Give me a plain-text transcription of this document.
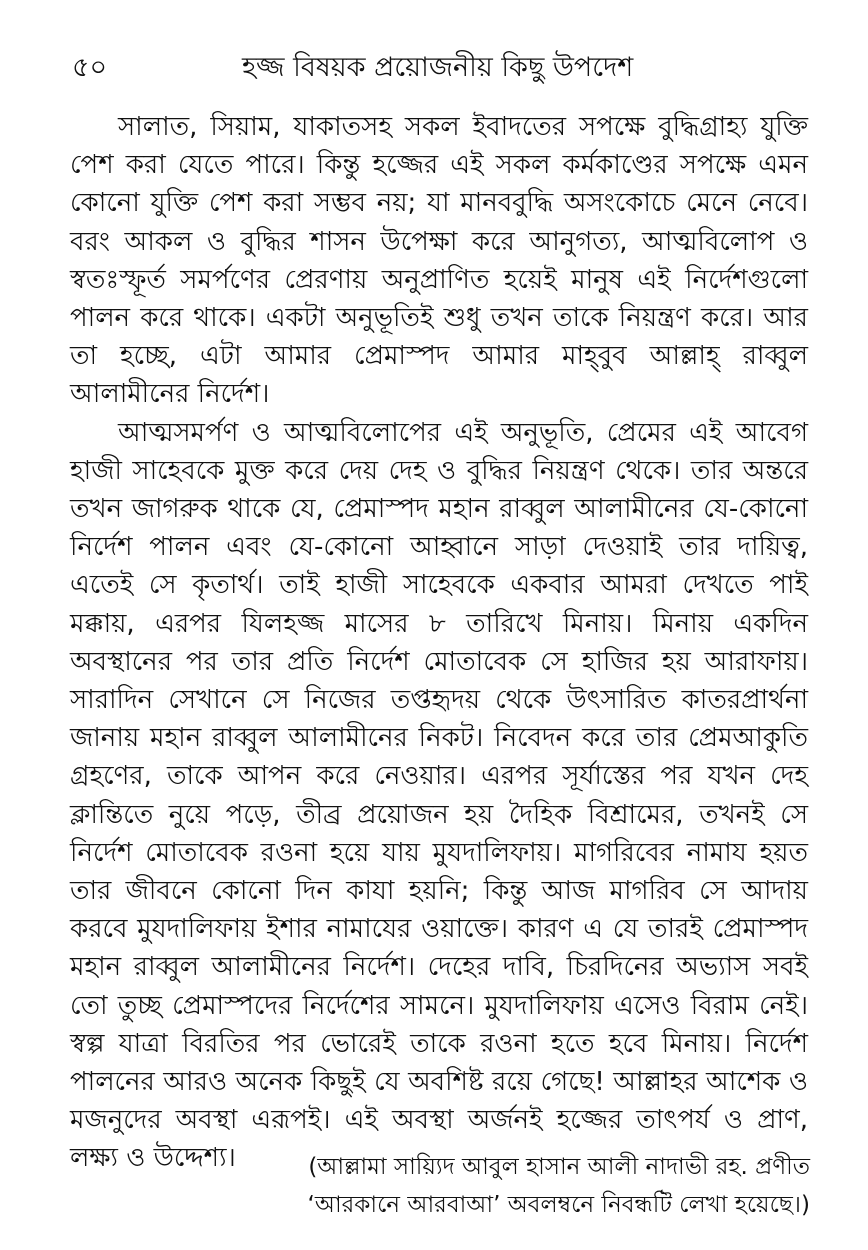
৫০	হজ্জ বিষয়ক প্রয়োজনীয় কিছু উপদেশ

সালাত, সিয়াম, যাকাতসহ সকল ইবাদতের সপক্ষে বুদ্ধিগ্রাহ্য যুক্তি পেশ করা যেতে পারে। কিন্তু হজ্জের এই সকল কর্মকাণ্ডের সপক্ষে এমন কোনো যুক্তি পেশ করা সম্ভব নয়; যা মানববুদ্ধি অসংকোচে মেনে নেবে। বরং আকল ও বুদ্ধির শাসন উপেক্ষা করে আনুগত্য, আত্মবিলোপ ও স্বতঃস্ফূর্ত সমর্পণের প্রেরণায় অনুপ্রাণিত হয়েই মানুষ এই নির্দেশগুলো পালন করে থাকে। একটা অনুভূতিই শুধু তখন তাকে নিয়ন্ত্রণ করে। আর তা হচ্ছে, এটা আমার প্রেমাস্পদ আমার মাহ্‌বুব আল্লাহ্‌ রাব্বুল আলামীনের নির্দেশ।

আত্মসমর্পণ ও আত্মবিলোপের এই অনুভূতি, প্রেমের এই আবেগ হাজী সাহেবকে মুক্ত করে দেয় দেহ ও বুদ্ধির নিয়ন্ত্রণ থেকে। তার অন্তরে তখন জাগরুক থাকে যে, প্রেমাস্পদ মহান রাব্বুল আলামীনের যে-কোনো নির্দেশ পালন এবং যে-কোনো আহ্বানে সাড়া দেওয়াই তার দায়িত্ব, এতেই সে কৃতার্থ। তাই হাজী সাহেবকে একবার আমরা দেখতে পাই মক্কায়, এরপর যিলহজ্জ মাসের ৮ তারিখে মিনায়। মিনায় একদিন অবস্থানের পর তার প্রতি নির্দেশ মোতাবেক সে হাজির হয় আরাফায়। সারাদিন সেখানে সে নিজের তপ্তহৃদয় থেকে উৎসারিত কাতরপ্রার্থনা জানায় মহান রাব্বুল আলামীনের নিকট। নিবেদন করে তার প্রেমআকুতি গ্রহণের, তাকে আপন করে নেওয়ার। এরপর সূর্যাস্তের পর যখন দেহ ক্লান্তিতে নুয়ে পড়ে, তীব্র প্রয়োজন হয় দৈহিক বিশ্রামের, তখনই সে নির্দেশ মোতাবেক রওনা হয়ে যায় মুযদালিফায়। মাগরিবের নামায হয়ত তার জীবনে কোনো দিন কাযা হয়নি; কিন্তু আজ মাগরিব সে আদায় করবে মুযদালিফায় ইশার নামাযের ওয়াক্তে। কারণ এ যে তারই প্রেমাস্পদ মহান রাব্বুল আলামীনের নির্দেশ। দেহের দাবি, চিরদিনের অভ্যাস সবই তো তুচ্ছ প্রেমাস্পদের নির্দেশের সামনে। মুযদালিফায় এসেও বিরাম নেই। স্বল্প যাত্রা বিরতির পর ভোরেই তাকে রওনা হতে হবে মিনায়। নির্দেশ পালনের আরও অনেক কিছুই যে অবশিষ্ট রয়ে গেছে! আল্লাহর আশেক ও মজনুদের অবস্থা এরূপই। এই অবস্থা অর্জনই হজ্জের তাৎপর্য ও প্রাণ, লক্ষ্য ও উদ্দেশ্য।	(আল্লামা সায়্যিদ আবুল হাসান আলী নাদাভী রহ. প্রণীত
‘আরকানে আরবাআ’ অবলম্বনে নিবন্ধটি লেখা হয়েছে।)
